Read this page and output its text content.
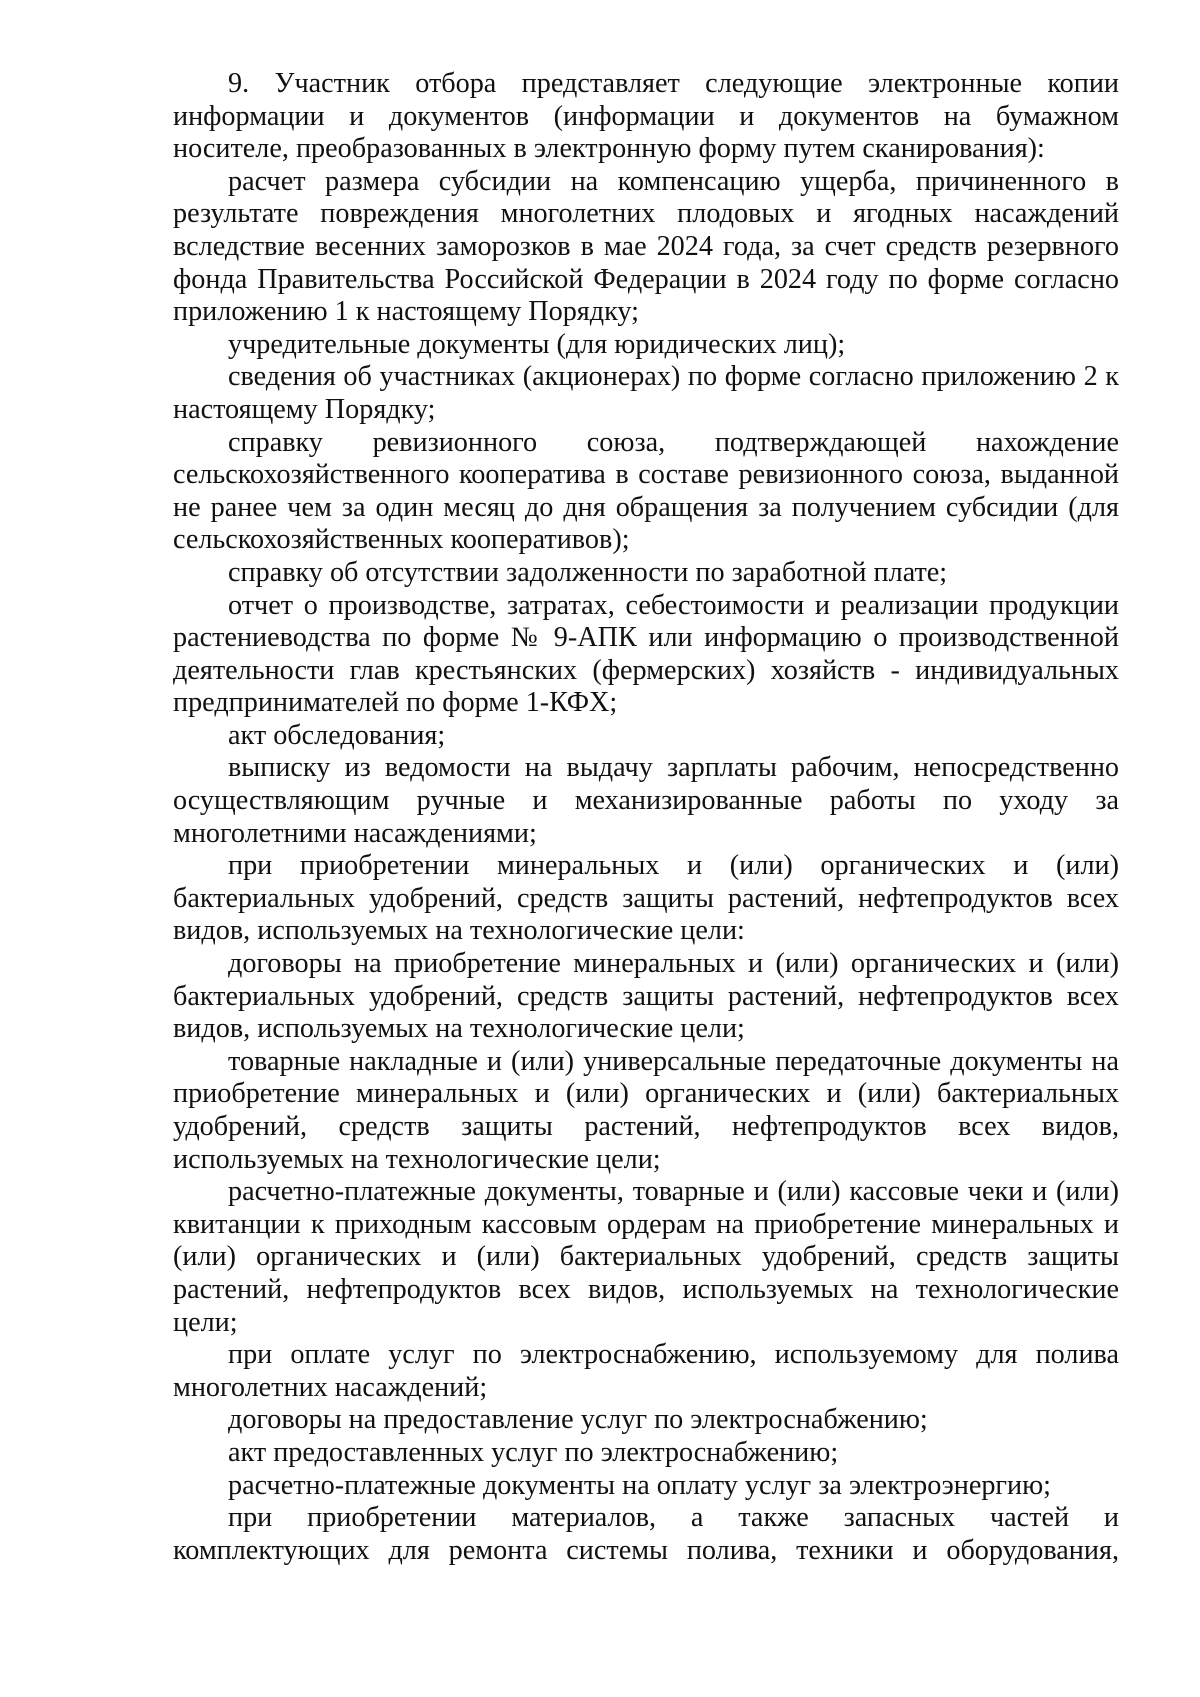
9. Участник отбора представляет следующие электронные копии информации и документов (информации и документов на бумажном носителе, преобразованных в электронную форму путем сканирования):

расчет размера субсидии на компенсацию ущерба, причиненного в результате повреждения многолетних плодовых и ягодных насаждений вследствие весенних заморозков в мае 2024 года, за счет средств резервного фонда Правительства Российской Федерации в 2024 году по форме согласно приложению 1 к настоящему Порядку;

учредительные документы (для юридических лиц);

сведения об участниках (акционерах) по форме согласно приложению 2 к настоящему Порядку;

справку ревизионного союза, подтверждающей нахождение сельскохозяйственного кооператива в составе ревизионного союза, выданной не ранее чем за один месяц до дня обращения за получением субсидии (для сельскохозяйственных кооперативов);

справку об отсутствии задолженности по заработной плате;

отчет о производстве, затратах, себестоимости и реализации продукции растениеводства по форме № 9-АПК или информацию о производственной деятельности глав крестьянских (фермерских) хозяйств - индивидуальных предпринимателей по форме 1-КФХ;

акт обследования;

выписку из ведомости на выдачу зарплаты рабочим, непосредственно осуществляющим ручные и механизированные работы по уходу за многолетними насаждениями;

при приобретении минеральных и (или) органических и (или) бактериальных удобрений, средств защиты растений, нефтепродуктов всех видов, используемых на технологические цели:

договоры на приобретение минеральных и (или) органических и (или) бактериальных удобрений, средств защиты растений, нефтепродуктов всех видов, используемых на технологические цели;

товарные накладные и (или) универсальные передаточные документы на приобретение минеральных и (или) органических и (или) бактериальных удобрений, средств защиты растений, нефтепродуктов всех видов, используемых на технологические цели;

расчетно-платежные документы, товарные и (или) кассовые чеки и (или) квитанции к приходным кассовым ордерам на приобретение минеральных и (или) органических и (или) бактериальных удобрений, средств защиты растений, нефтепродуктов всех видов, используемых на технологические цели;

при оплате услуг по электроснабжению, используемому для полива многолетних насаждений;

договоры на предоставление услуг по электроснабжению;

акт предоставленных услуг по электроснабжению;

расчетно-платежные документы на оплату услуг за электроэнергию;

при приобретении материалов, а также запасных частей и комплектующих для ремонта системы полива, техники и оборудования,
